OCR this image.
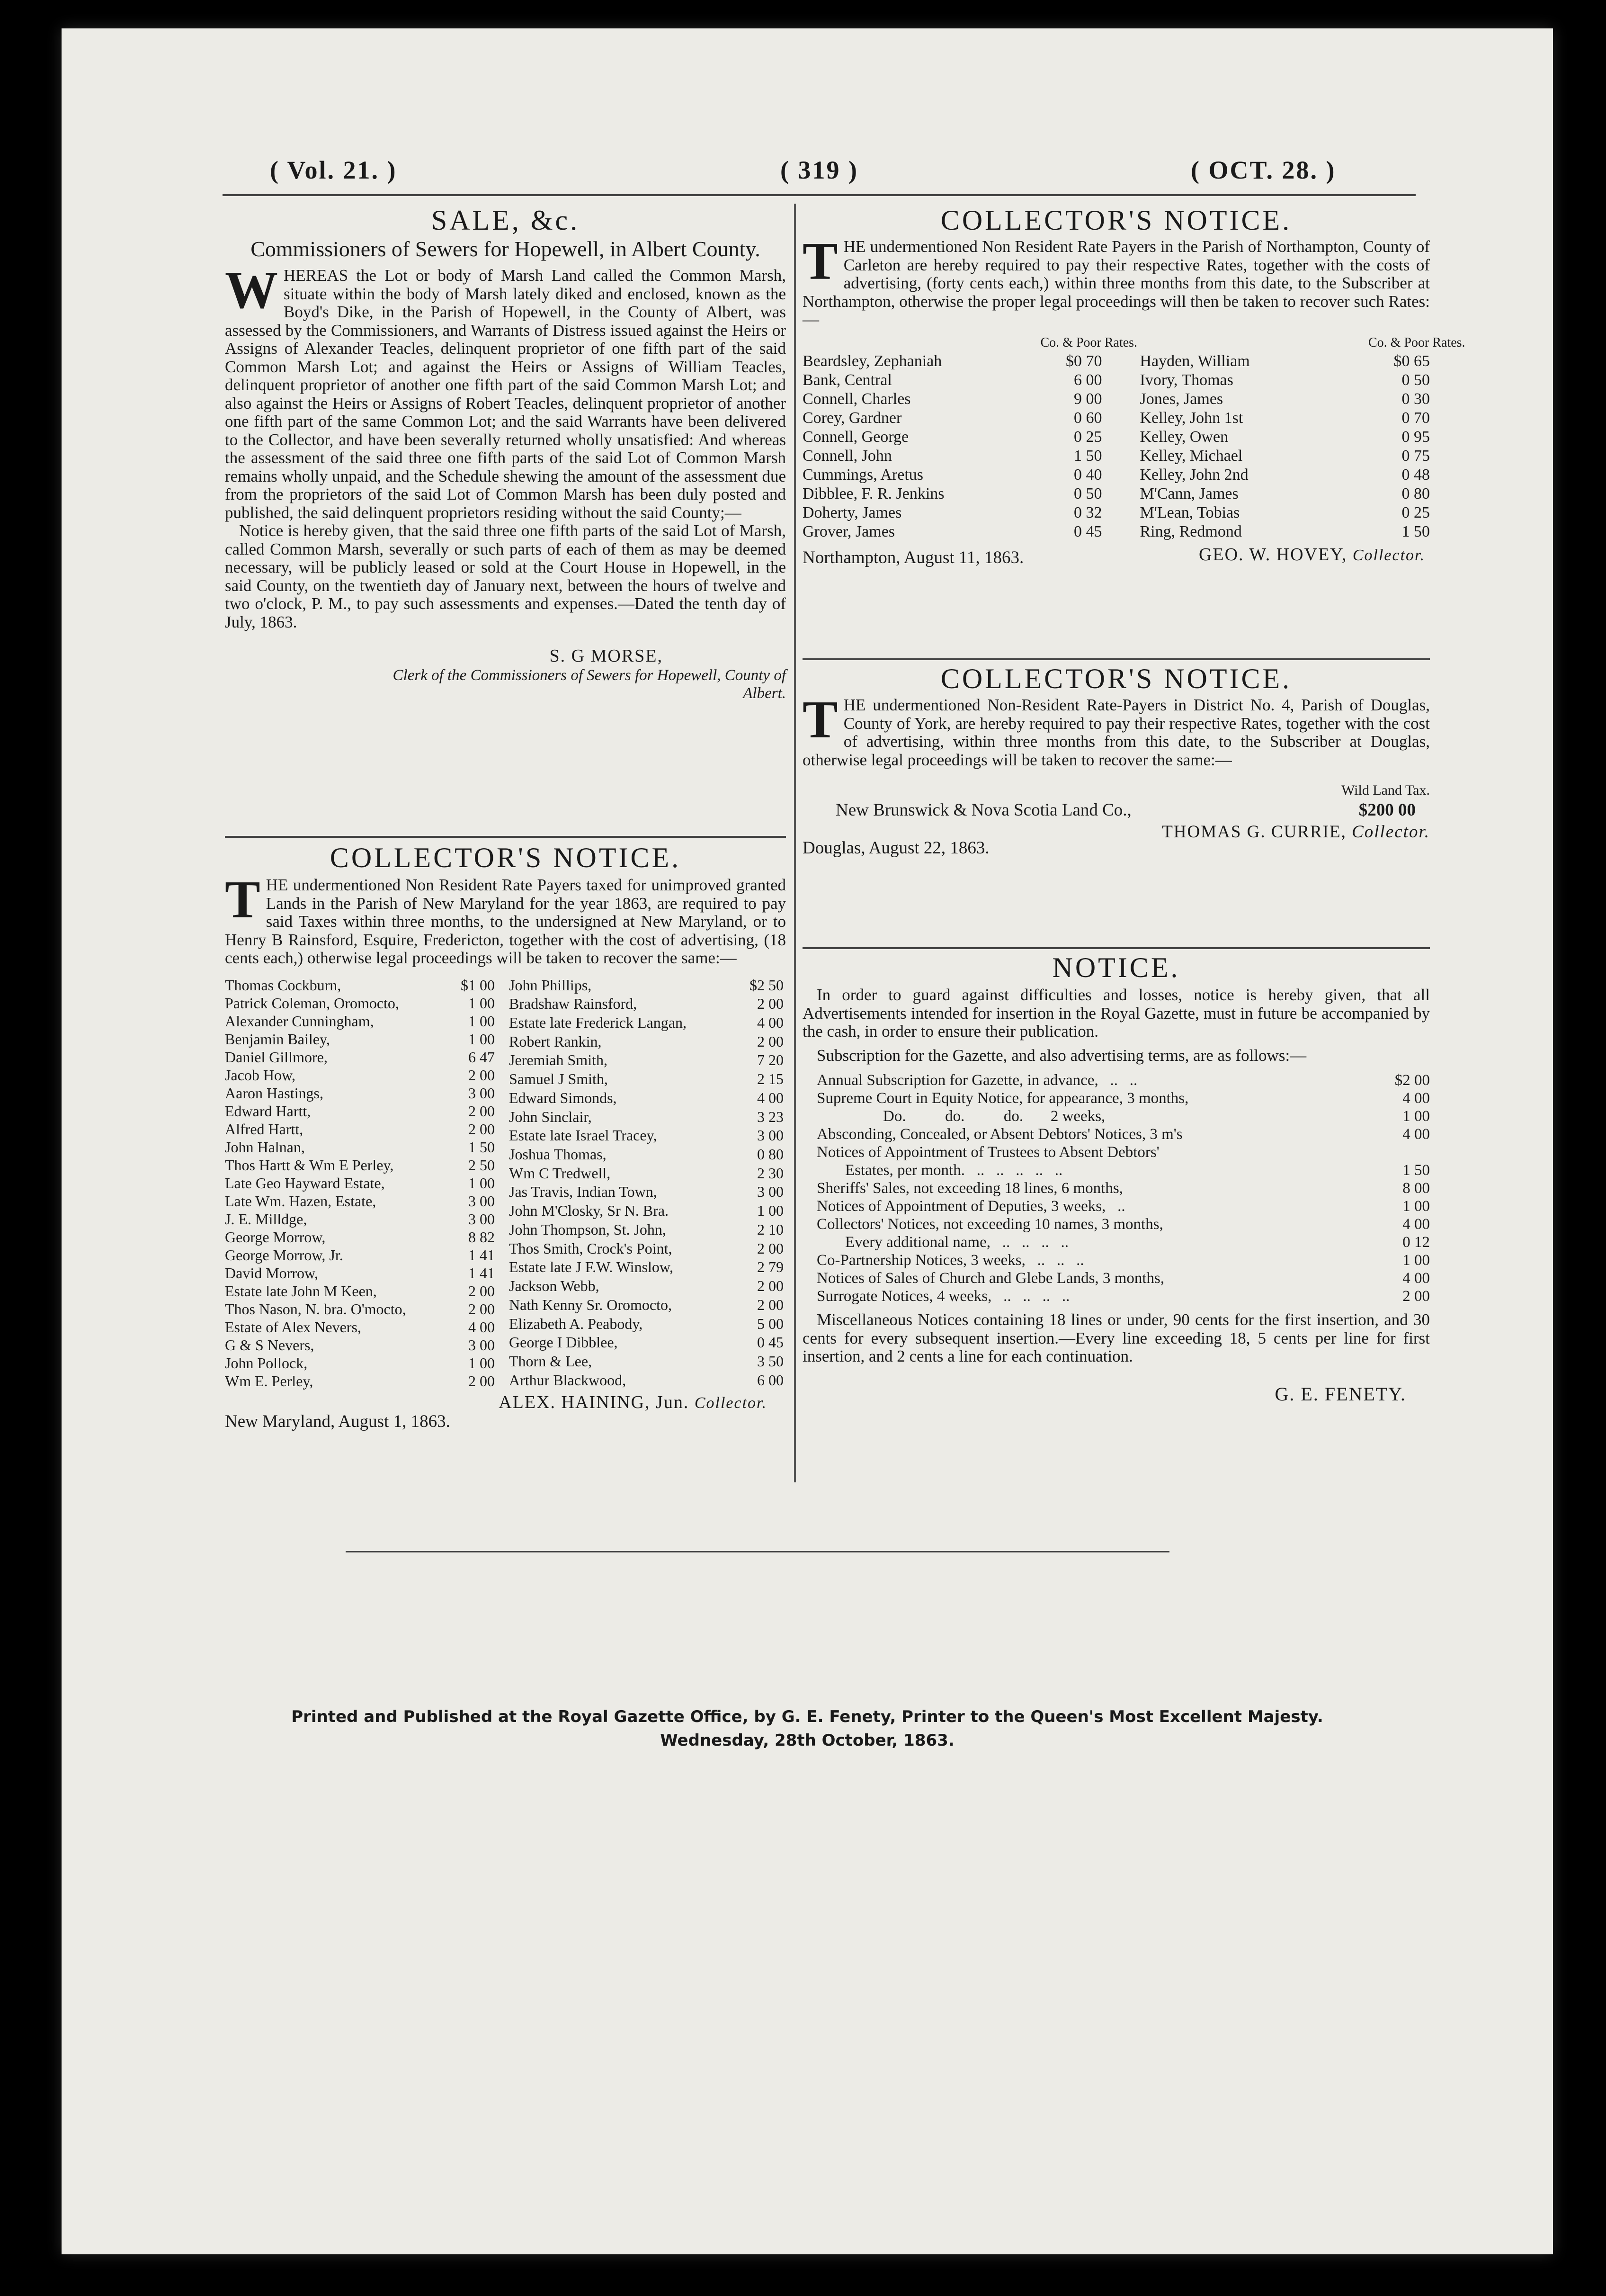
( Vol. 21. )	( 319 )	( OCT. 28. )

SALE, &c.

Commissioners of Sewers for Hopewell, in Albert County.

W HEREAS the Lot or body of Marsh Land called the Common Marsh, situate within the body of Marsh lately diked and enclosed, known as the Boyd's Dike, in the Parish of Hopewell, in the County of Albert, was assessed by the Commissioners, and Warrants of Distress issued against the Heirs or Assigns of Alexander Teacles, delinquent proprietor of one fifth part of the said Common Marsh Lot; and against the Heirs or Assigns of William Teacles, delinquent proprietor of another one fifth part of the said Common Marsh Lot; and also against the Heirs or Assigns of Robert Teacles, delinquent proprietor of another one fifth part of the same Common Lot; and the said Warrants have been delivered to the Collector, and have been severally returned wholly unsatisfied: And whereas the assessment of the said three one fifth parts of the said Lot of Common Marsh remains wholly unpaid, and the Schedule shewing the amount of the assessment due from the proprietors of the said Lot of Common Marsh has been duly posted and published, the said delinquent proprietors residing without the said County;—

Notice is hereby given, that the said three one fifth parts of the said Lot of Marsh, called Common Marsh, severally or such parts of each of them as may be deemed necessary, will be publicly leased or sold at the Court House in Hopewell, in the said County, on the twentieth day of January next, between the hours of twelve and two o'clock, P. M., to pay such assessments and expenses.—Dated the tenth day of July, 1863.

S. G MORSE,

Clerk of the Commissioners of Sewers for Hopewell, County of Albert.

COLLECTOR'S NOTICE.

T HE undermentioned Non Resident Rate Payers taxed for unimproved granted Lands in the Parish of New Maryland for the year 1863, are required to pay said Taxes within three months, to the undersigned at New Maryland, or to Henry B Rainsford, Esquire, Fredericton, together with the cost of advertising, (18 cents each,) otherwise legal proceedings will be taken to recover the same:—
Thomas Cockburn,	$1 00
Patrick Coleman, Oromocto,	1 00
Alexander Cunningham,	1 00
Benjamin Bailey,	1 00
Daniel Gillmore,	6 47
Jacob How,	2 00
Aaron Hastings,	3 00
Edward Hartt,	2 00
Alfred Hartt,	2 00
John Halnan,	1 50
Thos Hartt & Wm E Perley,	2 50
Late Geo Hayward Estate,	1 00
Late Wm. Hazen, Estate,	3 00
J. E. Milldge,	3 00
George Morrow,	8 82
George Morrow, Jr.	1 41
David Morrow,	1 41
Estate late John M Keen,	2 00
Thos Nason, N. bra. O'mocto,	2 00
Estate of Alex Nevers,	4 00
G & S Nevers,	3 00
John Pollock,	1 00
Wm E. Perley,	2 00
John Phillips,	$2 50
Bradshaw Rainsford,	2 00
Estate late Frederick Langan,	4 00
Robert Rankin,	2 00
Jeremiah Smith,	7 20
Samuel J Smith,	2 15
Edward Simonds,	4 00
John Sinclair,	3 23
Estate late Israel Tracey,	3 00
Joshua Thomas,	0 80
Wm C Tredwell,	2 30
Jas Travis, Indian Town,	3 00
John M'Closky, Sr N. Bra.	1 00
John Thompson, St. John,	2 10
Thos Smith, Crock's Point,	2 00
Estate late J F.W. Winslow,	2 79
Jackson Webb,	2 00
Nath Kenny Sr. Oromocto,	2 00
Elizabeth A. Peabody,	5 00
George I Dibblee,	0 45
Thorn & Lee,	3 50
Arthur Blackwood,	6 00

ALEX. HAINING, Jun. Collector.

New Maryland, August 1, 1863.

COLLECTOR'S NOTICE.

T HE undermentioned Non Resident Rate Payers in the Parish of Northampton, County of Carleton are hereby required to pay their respective Rates, together with the costs of advertising, (forty cents each,) within three months from this date, to the Subscriber at Northampton, otherwise the proper legal proceedings will then be taken to recover such Rates:—
Co. & Poor Rates.	Co. & Poor Rates.
Beardsley, Zephaniah	$0 70	Hayden, William	$0 65
Bank, Central	6 00	Ivory, Thomas	0 50
Connell, Charles	9 00	Jones, James	0 30
Corey, Gardner	0 60	Kelley, John 1st	0 70
Connell, George	0 25	Kelley, Owen	0 95
Connell, John	1 50	Kelley, Michael	0 75
Cummings, Aretus	0 40	Kelley, John 2nd	0 48
Dibblee, F. R. Jenkins	0 50	M'Cann, James	0 80
Doherty, James	0 32	M'Lean, Tobias	0 25
Grover, James	0 45	Ring, Redmond	1 50

GEO. W. HOVEY, Collector.

Northampton, August 11, 1863.

COLLECTOR'S NOTICE.

T HE undermentioned Non-Resident Rate-Payers in District No. 4, Parish of Douglas, County of York, are hereby required to pay their respective Rates, together with the cost of advertising, within three months from this date, to the Subscriber at Douglas, otherwise legal proceedings will be taken to recover the same:—

Wild Land Tax.

New Brunswick & Nova Scotia Land Co.,	$200 00
Douglas, August 22, 1863.
THOMAS G. CURRIE, Collector.

NOTICE.

In order to guard against difficulties and losses, notice is hereby given, that all Advertisements intended for insertion in the Royal Gazette, must in future be accompanied by the cash, in order to ensure their publication.

Subscription for the Gazette, and also advertising terms, are as follows:—

Annual Subscription for Gazette, in advance,   ..   ..	$2 00
Supreme Court in Equity Notice, for appearance, 3 months,	4 00
Do.          do.          do.       2 weeks,	1 00
Absconding, Concealed, or Absent Debtors' Notices, 3 m's	4 00
Notices of Appointment of Trustees to Absent Debtors'
Estates, per month.   ..   ..   ..   ..   ..	1 50
Sheriffs' Sales, not exceeding 18 lines, 6 months,	8 00
Notices of Appointment of Deputies, 3 weeks,   ..	1 00
Collectors' Notices, not exceeding 10 names, 3 months,	4 00
Every additional name,   ..   ..   ..   ..	0 12
Co-Partnership Notices, 3 weeks,   ..   ..   ..	1 00
Notices of Sales of Church and Glebe Lands, 3 months,	4 00
Surrogate Notices, 4 weeks,   ..   ..   ..   ..	2 00

Miscellaneous Notices containing 18 lines or under, 90 cents for the first insertion, and 30 cents for every subsequent insertion.—Every line exceeding 18, 5 cents per line for first insertion, and 2 cents a line for each continuation.

G. E. FENETY.

Printed and Published at the Royal Gazette Office, by G. E. Fenety, Printer to the Queen's Most Excellent Majesty.
Wednesday, 28th October, 1863.
